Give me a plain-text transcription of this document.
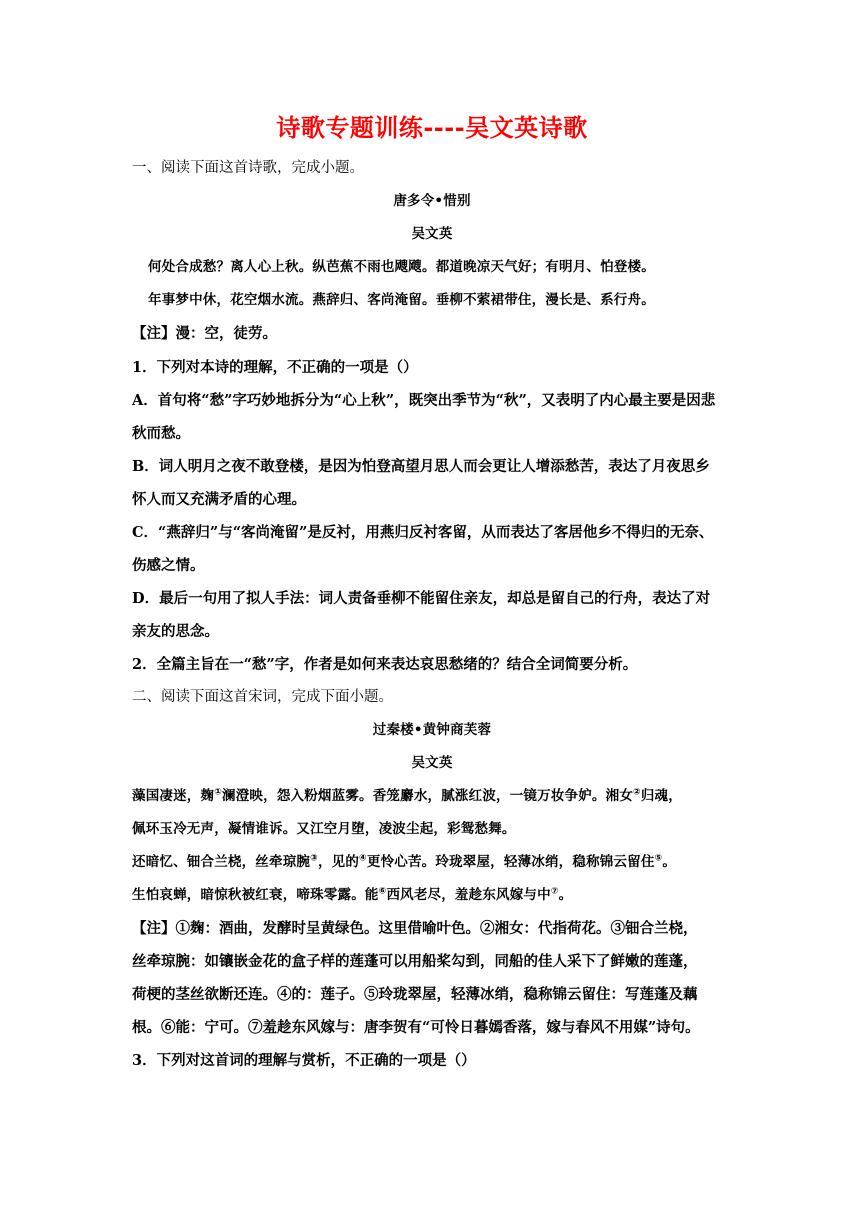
诗歌专题训练----吴文英诗歌
一、阅读下面这首诗歌，完成小题。
唐多令•惜别
吴文英
何处合成愁？离人心上秋。纵芭蕉不雨也飕飕。都道晚凉天气好；有明月、怕登楼。
年事梦中休，花空烟水流。燕辞归、客尚淹留。垂柳不萦裙带住，漫长是、系行舟。
【注】漫：空，徒劳。
1．下列对本诗的理解，不正确的一项是（）
A．首句将“愁”字巧妙地拆分为“心上秋”，既突出季节为“秋”，又表明了内心最主要是因悲
秋而愁。
B．词人明月之夜不敢登楼，是因为怕登高望月思人而会更让人增添愁苦，表达了月夜思乡
怀人而又充满矛盾的心理。
C．“燕辞归”与“客尚淹留”是反衬，用燕归反衬客留，从而表达了客居他乡不得归的无奈、
伤感之情。
D．最后一句用了拟人手法：词人责备垂柳不能留住亲友，却总是留自己的行舟，表达了对
亲友的思念。
2．全篇主旨在一“愁”字，作者是如何来表达哀思愁绪的？结合全词简要分析。
二、阅读下面这首宋词，完成下面小题。
过秦楼•黄钟商芙蓉
吴文英
藻国凄迷，麹①澜澄映，怨入粉烟蓝雾。香笼麝水，腻涨红波，一镜万妆争妒。湘女②归魂，
佩环玉冷无声，凝情谁诉。又江空月堕，凌波尘起，彩鸳愁舞。
还暗忆、钿合兰桡，丝牵琼腕③，见的④更怜心苦。玲珑翠屋，轻薄冰绡，稳称锦云留住⑤。
生怕哀蝉，暗惊秋被红衰，啼珠零露。能⑥西风老尽，羞趁东风嫁与中⑦。
【注】①麹：酒曲，发酵时呈黄绿色。这里借喻叶色。②湘女：代指荷花。③钿合兰桡，
丝牵琼腕：如镶嵌金花的盒子样的莲蓬可以用船桨勾到，同船的佳人采下了鲜嫩的莲蓬，
荷梗的茎丝欲断还连。④的：莲子。⑤玲珑翠屋，轻薄冰绡，稳称锦云留住：写莲蓬及藕
根。⑥能：宁可。⑦羞趁东风嫁与：唐李贺有“可怜日暮嫣香落，嫁与春风不用媒”诗句。
3．下列对这首词的理解与赏析，不正确的一项是（）
